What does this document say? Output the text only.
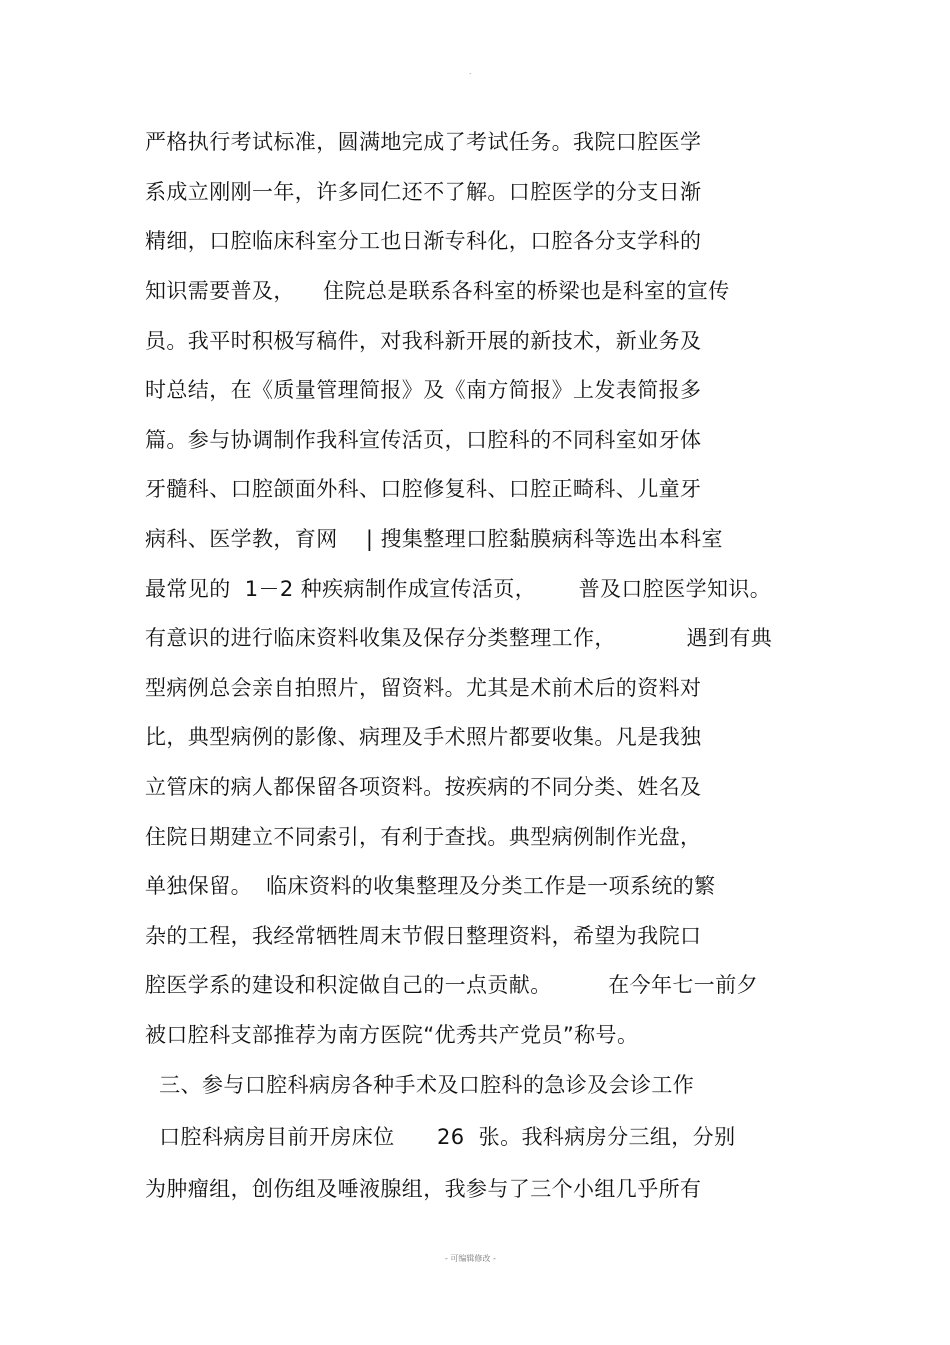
-
严格执行考试标准，圆满地完成了考试任务。我院口腔医学
系成立刚刚一年，许多同仁还不了解。口腔医学的分支日渐
精细，口腔临床科室分工也日渐专科化，口腔各分支学科的
知识需要普及，    住院总是联系各科室的桥梁也是科室的宣传
员。我平时积极写稿件，对我科新开展的新技术，新业务及
时总结，在《质量管理简报》及《南方简报》上发表简报多
篇。参与协调制作我科宣传活页，口腔科的不同科室如牙体
牙髓科、口腔颌面外科、口腔修复科、口腔正畸科、儿童牙
病科、医学教，育网    | 搜集整理口腔黏膜病科等选出本科室
最常见的  1－2 种疾病制作成宣传活页，      普及口腔医学知识。
有意识的进行临床资料收集及保存分类整理工作，          遇到有典
型病例总会亲自拍照片，留资料。尤其是术前术后的资料对
比，典型病例的影像、病理及手术照片都要收集。凡是我独
立管床的病人都保留各项资料。按疾病的不同分类、姓名及
住院日期建立不同索引，有利于查找。典型病例制作光盘，
单独保留。  临床资料的收集整理及分类工作是一项系统的繁
杂的工程，我经常牺牲周末节假日整理资料，希望为我院口
腔医学系的建设和积淀做自己的一点贡献。        在今年七一前夕
被口腔科支部推荐为南方医院“优秀共产党员”称号。
三、参与口腔科病房各种手术及口腔科的急诊及会诊工作
口腔科病房目前开房床位      26  张。我科病房分三组，分别
为肿瘤组，创伤组及唾液腺组，我参与了三个小组几乎所有
- 可编辑修改 -
